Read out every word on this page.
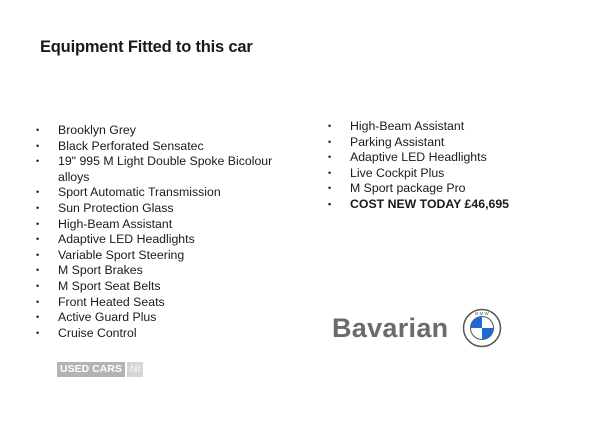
Equipment Fitted to this car
• Brooklyn Grey
• Black Perforated Sensatec
• 19" 995 M Light Double Spoke Bicolour alloys
• Sport Automatic Transmission
• Sun Protection Glass
• High-Beam Assistant
• Adaptive LED Headlights
• Variable Sport Steering
• M Sport Brakes
• M Sport Seat Belts
• Front Heated Seats
• Active Guard Plus
• Cruise Control
• High-Beam Assistant
• Parking Assistant
• Adaptive LED Headlights
• Live Cockpit Plus
• M Sport package Pro
• COST NEW TODAY £46,695
Bavarian	B M W
USED CARS NI
